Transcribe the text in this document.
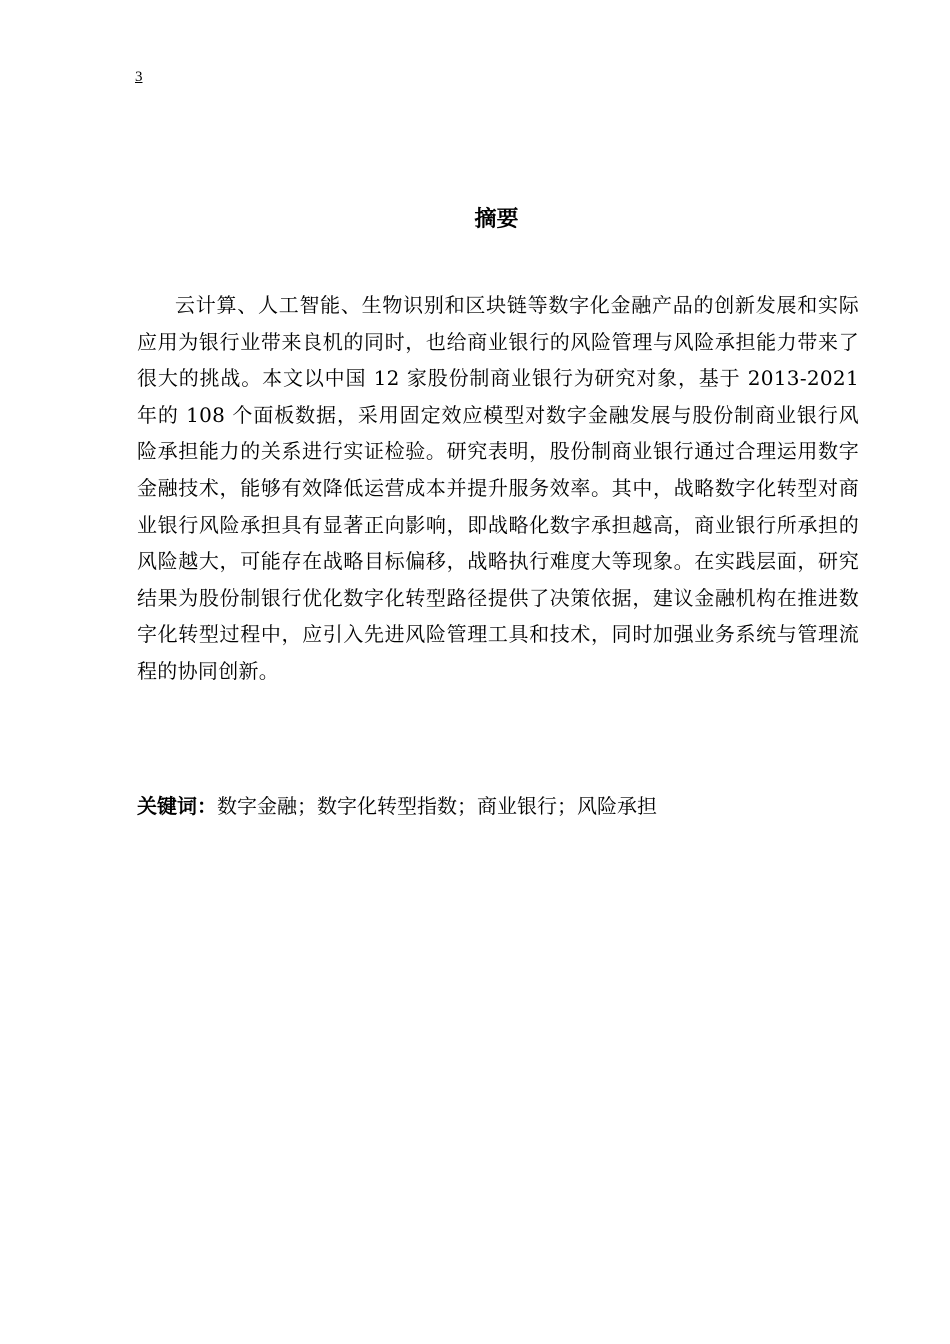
3
摘要

云计算、人工智能、生物识别和区块链等数字化金融产品的创新发展和实际应用为银行业带来良机的同时，也给商业银行的风险管理与风险承担能力带来了很大的挑战。本文以中国 12 家股份制商业银行为研究对象，基于 2013-2021 年的 108 个面板数据，采用固定效应模型对数字金融发展与股份制商业银行风险承担能力的关系进行实证检验。研究表明，股份制商业银行通过合理运用数字金融技术，能够有效降低运营成本并提升服务效率。其中，战略数字化转型对商业银行风险承担具有显著正向影响，即战略化数字承担越高，商业银行所承担的风险越大，可能存在战略目标偏移，战略执行难度大等现象。在实践层面，研究结果为股份制银行优化数字化转型路径提供了决策依据，建议金融机构在推进数字化转型过程中，应引入先进风险管理工具和技术，同时加强业务系统与管理流程的协同创新。

关键词：数字金融；数字化转型指数；商业银行；风险承担
